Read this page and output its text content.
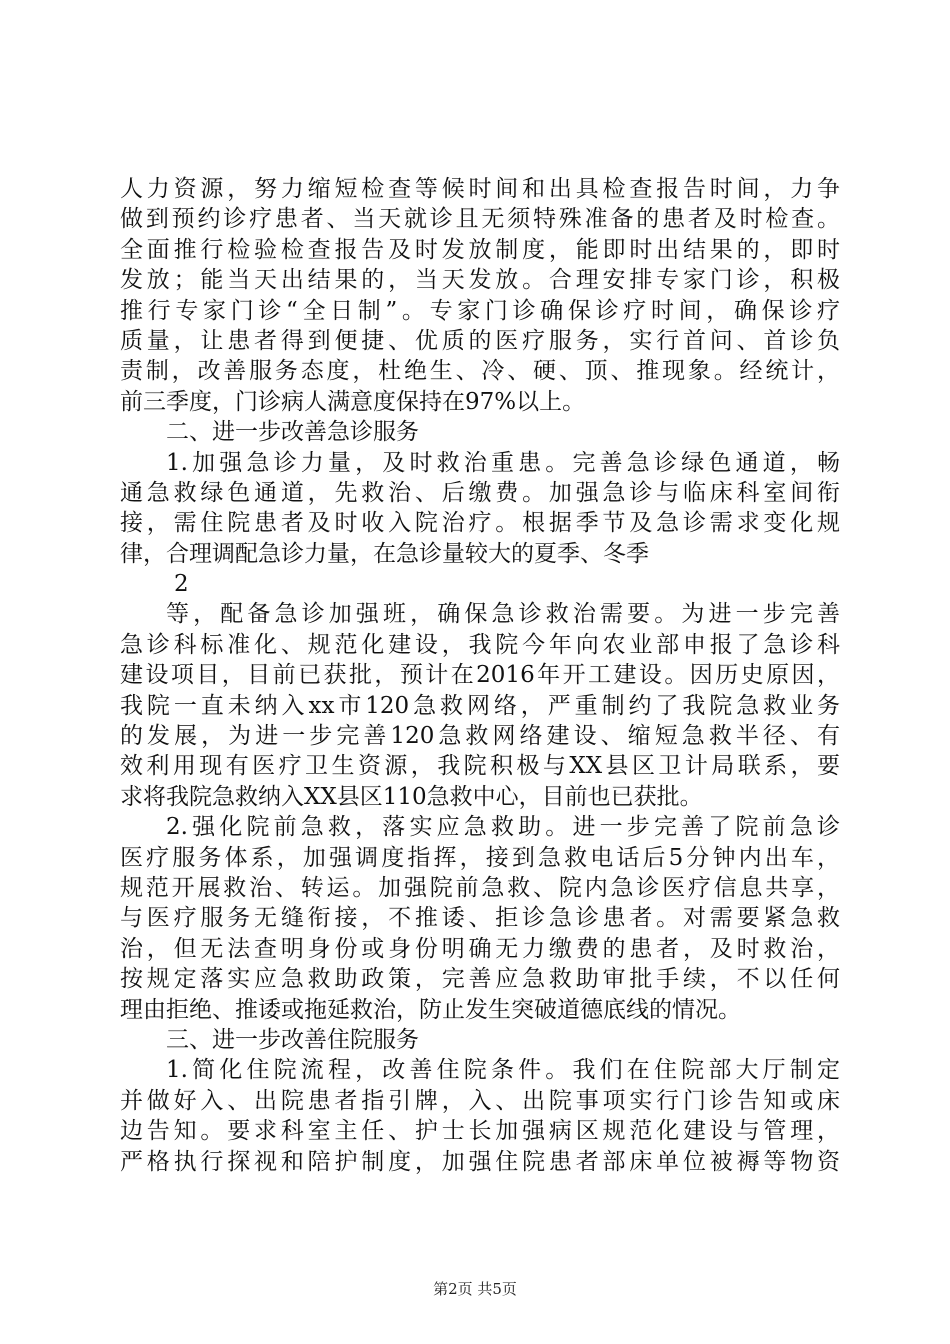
人力资源，努力缩短检查等候时间和出具检查报告时间，力争
做到预约诊疗患者、当天就诊且无须特殊准备的患者及时检查。
全面推行检验检查报告及时发放制度，能即时出结果的，即时
发放；能当天出结果的，当天发放。合理安排专家门诊，积极
推行专家门诊“全日制”。专家门诊确保诊疗时间，确保诊疗
质量，让患者得到便捷、优质的医疗服务，实行首问、首诊负
责制，改善服务态度，杜绝生、冷、硬、顶、推现象。经统计，
前三季度，门诊病人满意度保持在97%以上。
二、进一步改善急诊服务
1.加强急诊力量，及时救治重患。完善急诊绿色通道，畅
通急救绿色通道，先救治、后缴费。加强急诊与临床科室间衔
接，需住院患者及时收入院治疗。根据季节及急诊需求变化规
律，合理调配急诊力量，在急诊量较大的夏季、冬季
2
等，配备急诊加强班，确保急诊救治需要。为进一步完善
急诊科标准化、规范化建设，我院今年向农业部申报了急诊科
建设项目，目前已获批，预计在2016年开工建设。因历史原因，
我院一直未纳入xx市120急救网络，严重制约了我院急救业务
的发展，为进一步完善120急救网络建设、缩短急救半径、有
效利用现有医疗卫生资源，我院积极与XX县区卫计局联系，要
求将我院急救纳入XX县区110急救中心，目前也已获批。
2.强化院前急救，落实应急救助。进一步完善了院前急诊
医疗服务体系，加强调度指挥，接到急救电话后5分钟内出车，
规范开展救治、转运。加强院前急救、院内急诊医疗信息共享，
与医疗服务无缝衔接，不推诿、拒诊急诊患者。对需要紧急救
治，但无法查明身份或身份明确无力缴费的患者，及时救治，
按规定落实应急救助政策，完善应急救助审批手续，不以任何
理由拒绝、推诿或拖延救治，防止发生突破道德底线的情况。
三、进一步改善住院服务
1.简化住院流程，改善住院条件。我们在住院部大厅制定
并做好入、出院患者指引牌，入、出院事项实行门诊告知或床
边告知。要求科室主任、护士长加强病区规范化建设与管理，
严格执行探视和陪护制度，加强住院患者部床单位被褥等物资
第2页 共5页
